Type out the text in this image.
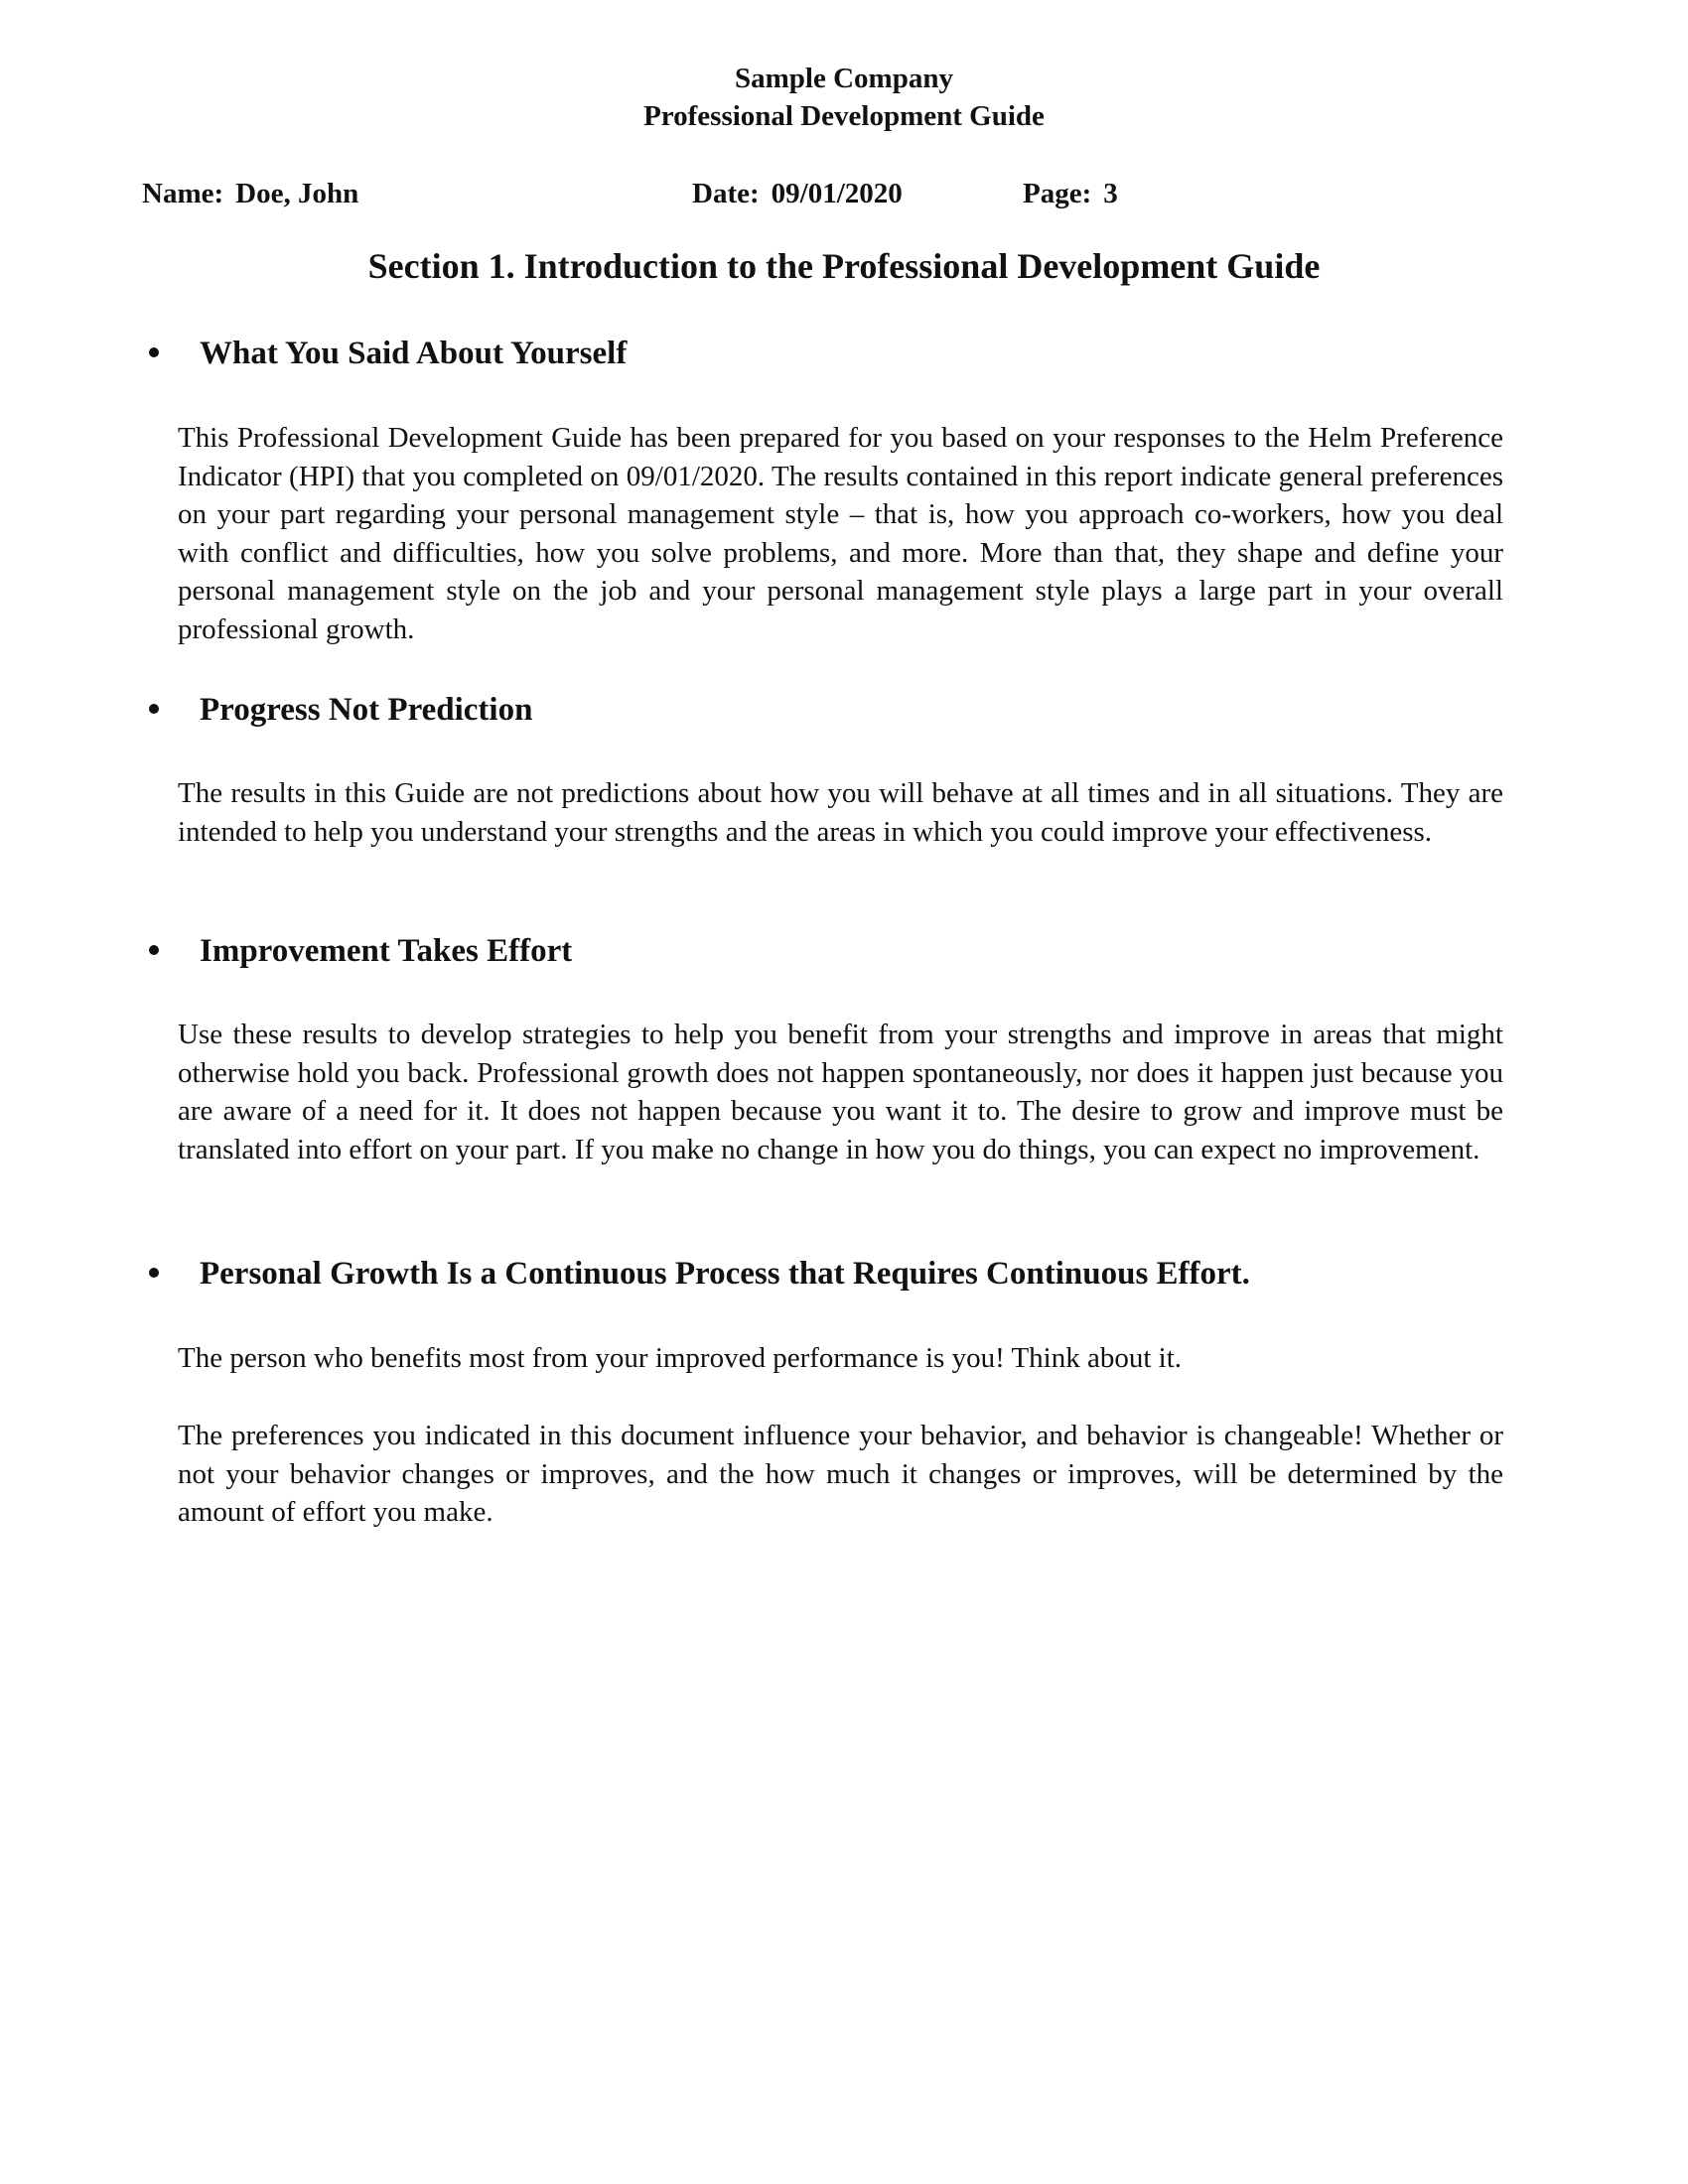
Sample Company
Professional Development Guide
Name: Doe, John	Date: 09/01/2020	Page: 3
Section 1. Introduction to the Professional Development Guide
What You Said About Yourself
This Professional Development Guide has been prepared for you based on your responses to the Helm Preference Indicator (HPI) that you completed on 09/01/2020. The results contained in this report indicate general preferences on your part regarding your personal management style – that is, how you approach co-workers, how you deal with conflict and difficulties, how you solve problems, and more. More than that, they shape and define your personal management style on the job and your personal management style plays a large part in your overall professional growth.
Progress Not Prediction
The results in this Guide are not predictions about how you will behave at all times and in all situations. They are intended to help you understand your strengths and the areas in which you could improve your effectiveness.
Improvement Takes Effort
Use these results to develop strategies to help you benefit from your strengths and improve in areas that might otherwise hold you back. Professional growth does not happen spontaneously, nor does it happen just because you are aware of a need for it. It does not happen because you want it to. The desire to grow and improve must be translated into effort on your part. If you make no change in how you do things, you can expect no improvement.
Personal Growth Is a Continuous Process that Requires Continuous Effort.
The person who benefits most from your improved performance is you! Think about it.
The preferences you indicated in this document influence your behavior, and behavior is changeable! Whether or not your behavior changes or improves, and the how much it changes or improves, will be determined by the amount of effort you make.
